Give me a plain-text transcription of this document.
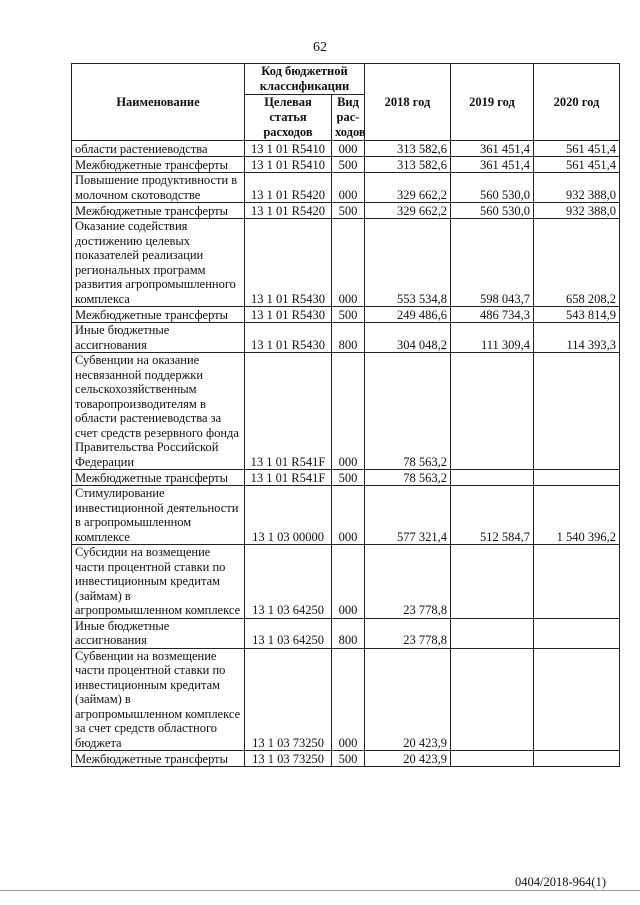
62
Наименование	Код бюджетной классификации		2018 год	2019 год	2020 год
	Целевая статья расходов	Вид рас-ходов			
области растениеводства	13 1 01 R5410	000	313 582,6	361 451,4	561 451,4
Межбюджетные трансферты	13 1 01 R5410	500	313 582,6	361 451,4	561 451,4
Повышение продуктивности в молочном скотоводстве	13 1 01 R5420	000	329 662,2	560 530,0	932 388,0
Межбюджетные трансферты	13 1 01 R5420	500	329 662,2	560 530,0	932 388,0
Оказание содействия достижению целевых показателей реализации региональных программ развития агропромышленного комплекса	13 1 01 R5430	000	553 534,8	598 043,7	658 208,2
Межбюджетные трансферты	13 1 01 R5430	500	249 486,6	486 734,3	543 814,9
Иные бюджетные ассигнования	13 1 01 R5430	800	304 048,2	111 309,4	114 393,3
Субвенции на оказание несвязанной поддержки сельскохозяйственным товаропроизводителям в области растениеводства за счет средств резервного фонда Правительства Российской Федерации	13 1 01 R541F	000	78 563,2		
Межбюджетные трансферты	13 1 01 R541F	500	78 563,2		
Стимулирование инвестиционной деятельности в агропромышленном комплексе	13 1 03 00000	000	577 321,4	512 584,7	1 540 396,2
Субсидии на возмещение части процентной ставки по инвестиционным кредитам (займам) в агропромышленном комплексе	13 1 03 64250	000	23 778,8		
Иные бюджетные ассигнования	13 1 03 64250	800	23 778,8		
Субвенции на возмещение части процентной ставки по инвестиционным кредитам (займам) в агропромышленном комплексе за счет средств областного бюджета	13 1 03 73250	000	20 423,9		
Межбюджетные трансферты	13 1 03 73250	500	20 423,9		
0404/2018-964(1)
